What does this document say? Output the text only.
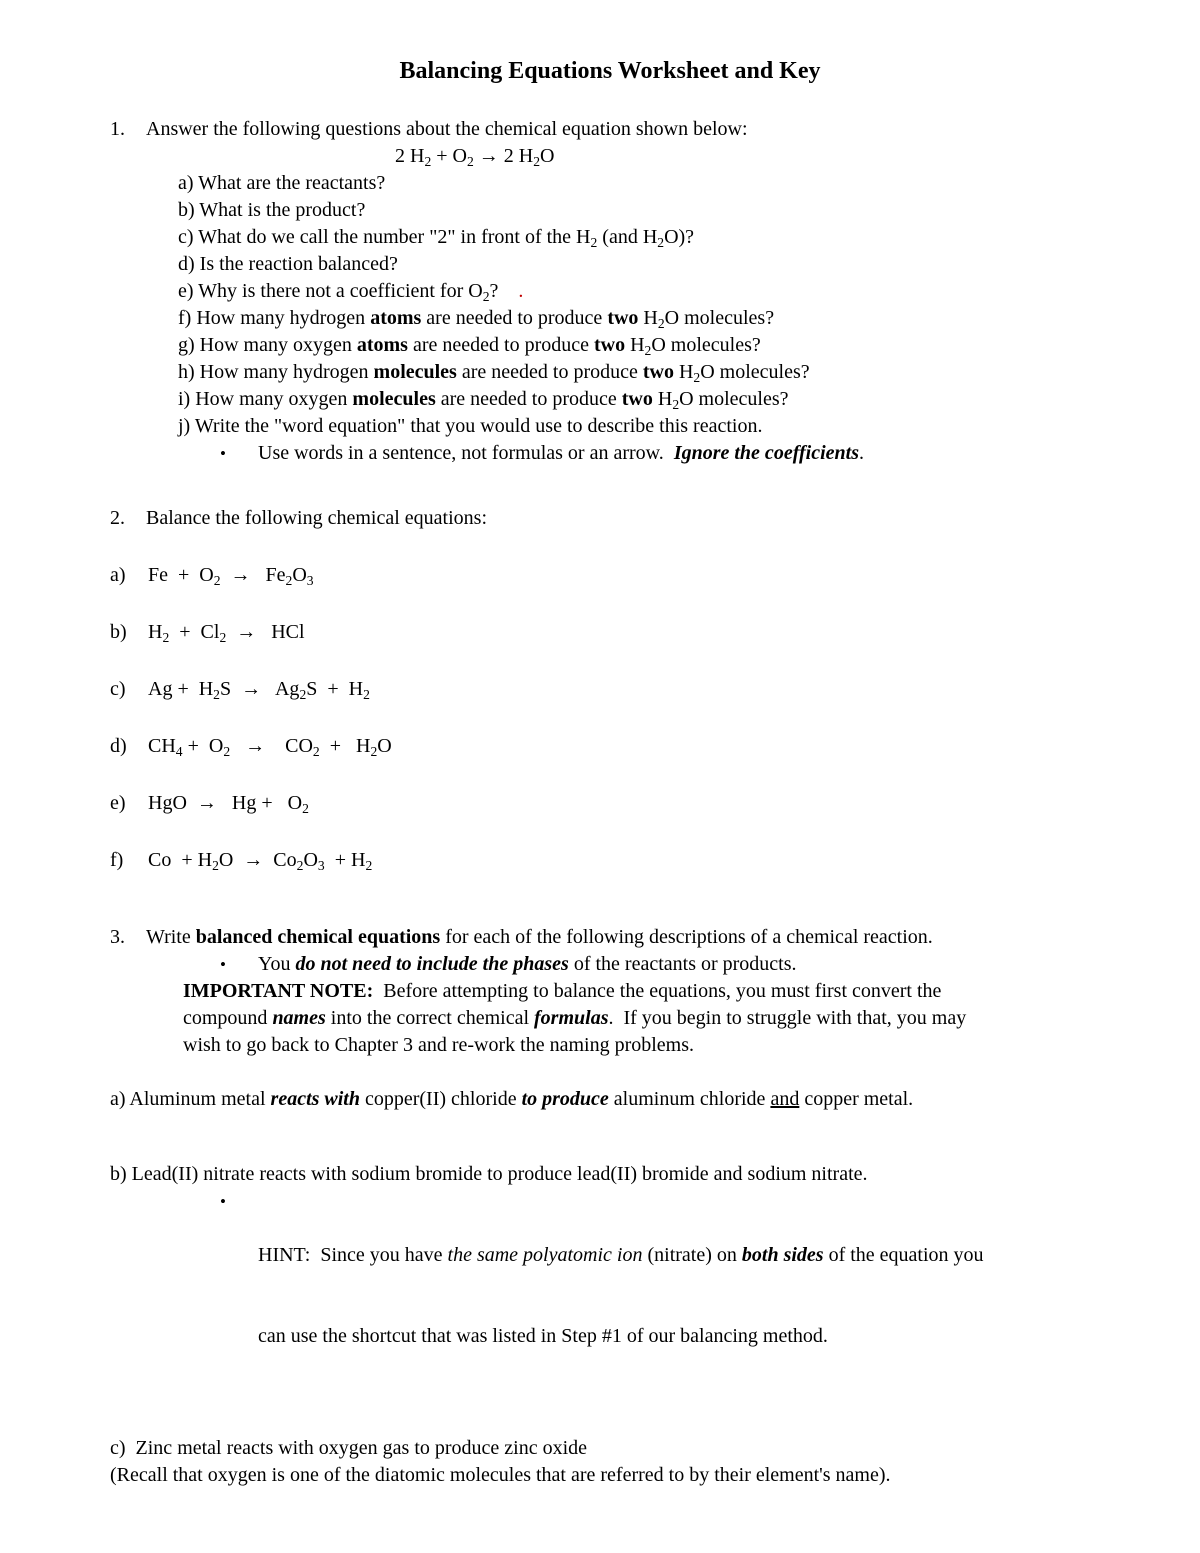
Balancing Equations Worksheet and Key
1.	Answer the following questions about the chemical equation shown below:
2 $H_2 + O_2 \to 2$ $H_2O$
a) What are the reactants?
b) What is the product?
c) What do we call the number "2" in front of the $H_2$ (and $H_2O$)?
d) Is the reaction balanced?
e) Why is there not a coefficient for $O_2$?    .
f) How many hydrogen atoms are needed to produce two $H_2O$ molecules?
g) How many oxygen atoms are needed to produce two $H_2O$ molecules?
h) How many hydrogen molecules are needed to produce two $H_2O$ molecules?
i) How many oxygen molecules are needed to produce two $H_2O$ molecules?
j) Write the "word equation" that you would use to describe this reaction.
•	Use words in a sentence, not formulas or an arrow.  Ignore the coefficients.
2.	Balance the following chemical equations:
a)	$Fe + O_2 \to Fe_2O_3$
b)	$H_2 + Cl_2$  →   HCl
c)	$Ag + H_2S \to Ag_2S + H_2$
d)	$CH_4 + O_2$   →    $CO_2 + H_2O$
e)	HgO  →   $Hg + O_2$
f)	$Co + H_2O \to Co_2O_3 + H_2$
3.	Write balanced chemical equations for each of the following descriptions of a chemical reaction.
•	You do not need to include the phases of the reactants or products.
IMPORTANT NOTE:  Before attempting to balance the equations, you must first convert the
compound names into the correct chemical formulas.  If you begin to struggle with that, you may
wish to go back to Chapter 3 and re-work the naming problems.
a) Aluminum metal reacts with copper(II) chloride to produce aluminum chloride and copper metal.
b) Lead(II) nitrate reacts with sodium bromide to produce lead(II) bromide and sodium nitrate.
•

HINT:  Since you have the same polyatomic ion (nitrate) on both sides of the equation you

can use the shortcut that was listed in Step #1 of our balancing method.

c)  Zinc metal reacts with oxygen gas to produce zinc oxide
(Recall that oxygen is one of the diatomic molecules that are referred to by their element's name).
